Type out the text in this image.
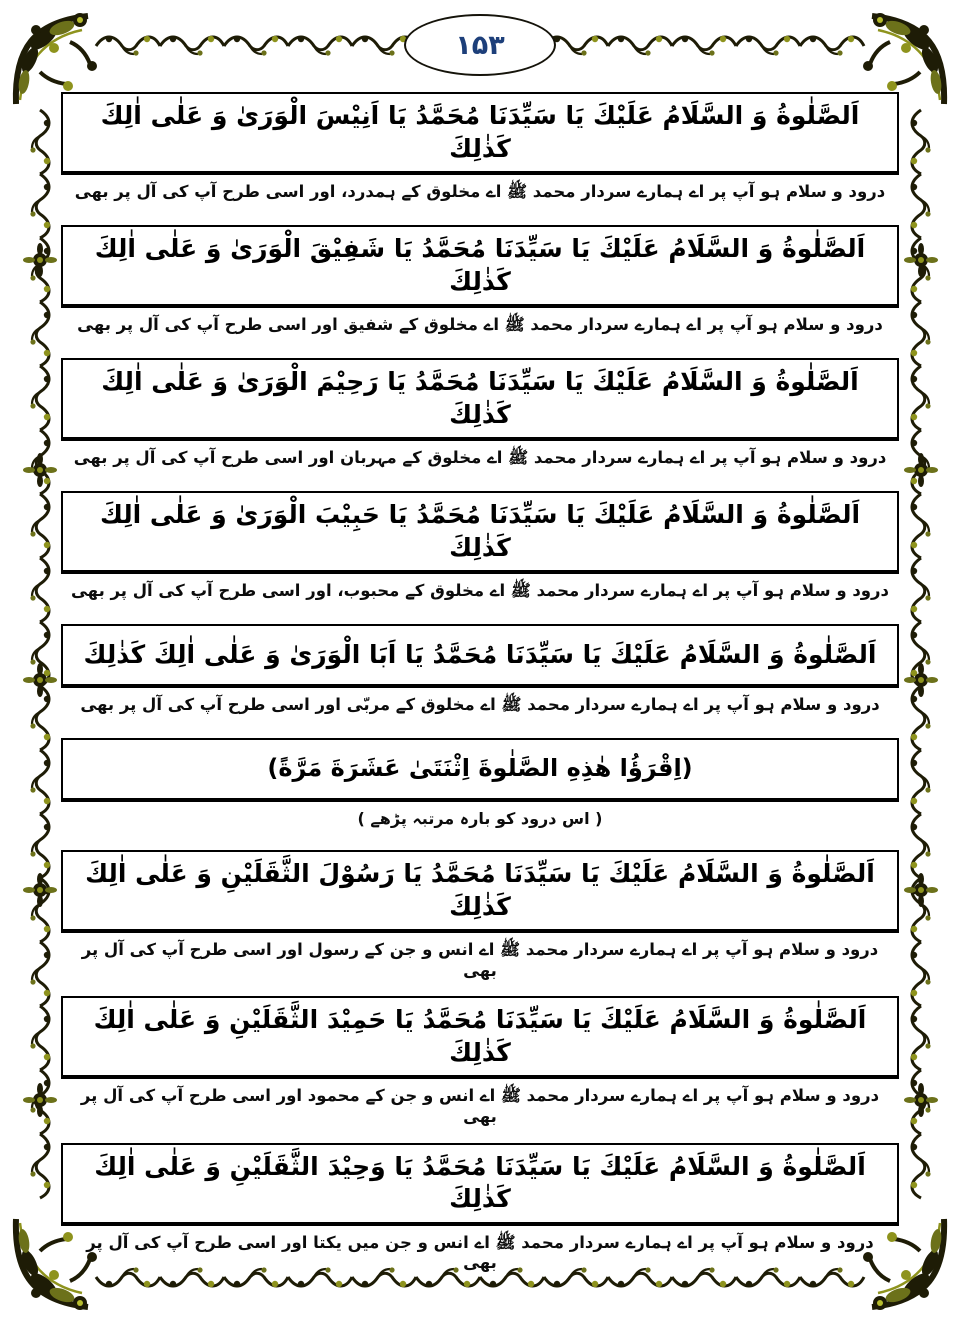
۱۵۳
اَلصَّلٰوةُ وَ السَّلَامُ عَلَيْكَ يَا سَيِّدَنَا مُحَمَّدُ يَا اَنِيْسَ الْوَرَىٰ وَ عَلٰى اٰلِكَ كَذٰلِكَ
درود و سلام ہو آپ پر اے ہمارے سردار محمد ﷺ اے مخلوق کے ہمدرد، اور اسی طرح آپ کی آل پر بھی
اَلصَّلٰوةُ وَ السَّلَامُ عَلَيْكَ يَا سَيِّدَنَا مُحَمَّدُ يَا شَفِيْقَ الْوَرَىٰ وَ عَلٰى اٰلِكَ كَذٰلِكَ
درود و سلام ہو آپ پر اے ہمارے سردار محمد ﷺ اے مخلوق کے شفیق اور اسی طرح آپ کی آل پر بھی
اَلصَّلٰوةُ وَ السَّلَامُ عَلَيْكَ يَا سَيِّدَنَا مُحَمَّدُ يَا رَحِيْمَ الْوَرَىٰ وَ عَلٰى اٰلِكَ كَذٰلِكَ
درود و سلام ہو آپ پر اے ہمارے سردار محمد ﷺ اے مخلوق کے مہربان اور اسی طرح آپ کی آل پر بھی
اَلصَّلٰوةُ وَ السَّلَامُ عَلَيْكَ يَا سَيِّدَنَا مُحَمَّدُ يَا حَبِيْبَ الْوَرَىٰ وَ عَلٰى اٰلِكَ كَذٰلِكَ
درود و سلام ہو آپ پر اے ہمارے سردار محمد ﷺ اے مخلوق کے محبوب، اور اسی طرح آپ کی آل پر بھی
اَلصَّلٰوةُ وَ السَّلَامُ عَلَيْكَ يَا سَيِّدَنَا مُحَمَّدُ يَا اَبَا الْوَرَىٰ وَ عَلٰى اٰلِكَ كَذٰلِكَ
درود و سلام ہو آپ پر اے ہمارے سردار محمد ﷺ اے مخلوق کے مربّی اور اسی طرح آپ کی آل پر بھی
(اِقْرَؤُا هٰذِهِ الصَّلٰوةَ اِثْنَتَىٰ عَشَرَةَ مَرَّةً)
( اس درود کو بارہ مرتبہ پڑھے )
اَلصَّلٰوةُ وَ السَّلَامُ عَلَيْكَ يَا سَيِّدَنَا مُحَمَّدُ يَا رَسُوْلَ الثَّقَلَيْنِ وَ عَلٰى اٰلِكَ كَذٰلِكَ
درود و سلام ہو آپ پر اے ہمارے سردار محمد ﷺ اے انس و جن کے رسول اور اسی طرح آپ کی آل پر بھی
اَلصَّلٰوةُ وَ السَّلَامُ عَلَيْكَ يَا سَيِّدَنَا مُحَمَّدُ يَا حَمِيْدَ الثَّقَلَيْنِ وَ عَلٰى اٰلِكَ كَذٰلِكَ
درود و سلام ہو آپ پر اے ہمارے سردار محمد ﷺ اے انس و جن کے محمود اور اسی طرح آپ کی آل پر بھی
اَلصَّلٰوةُ وَ السَّلَامُ عَلَيْكَ يَا سَيِّدَنَا مُحَمَّدُ يَا وَحِيْدَ الثَّقَلَيْنِ وَ عَلٰى اٰلِكَ كَذٰلِكَ
درود و سلام ہو آپ پر اے ہمارے سردار محمد ﷺ اے انس و جن میں یکتا اور اسی طرح آپ کی آل پر بھی
